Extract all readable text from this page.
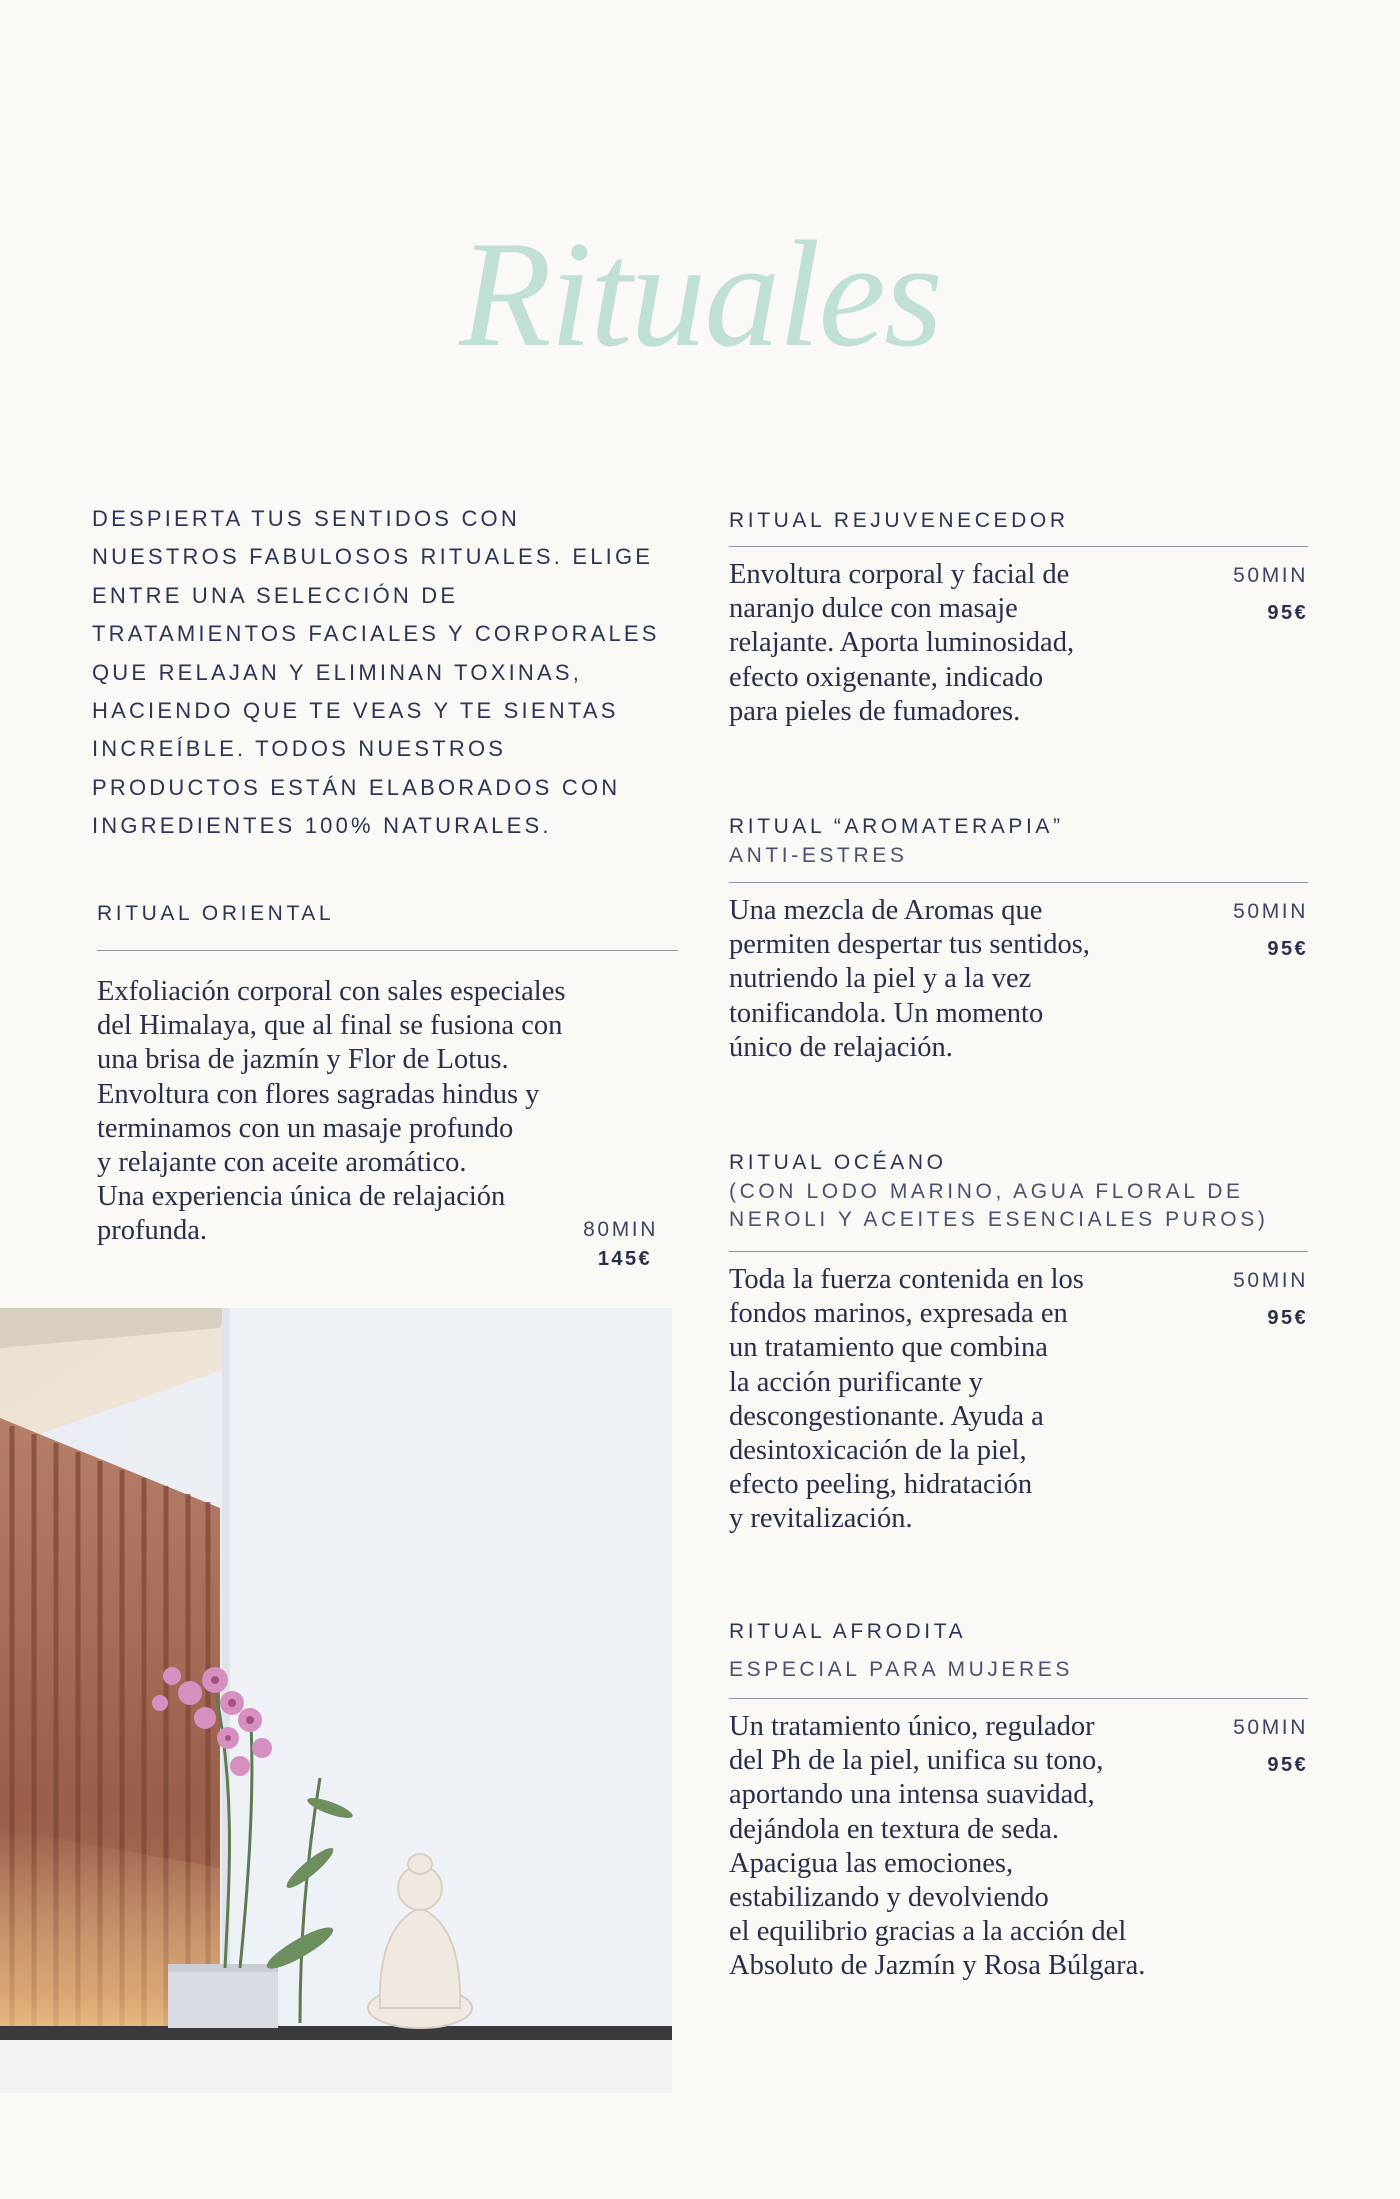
Rituales
DESPIERTA TUS SENTIDOS CON NUESTROS FABULOSOS RITUALES. ELIGE ENTRE UNA SELECCIÓN DE TRATAMIENTOS FACIALES Y CORPORALES QUE RELAJAN Y ELIMINAN TOXINAS, HACIENDO QUE TE VEAS Y TE SIENTAS INCREÍBLE. TODOS NUESTROS PRODUCTOS ESTÁN ELABORADOS CON INGREDIENTES 100% NATURALES.
RITUAL ORIENTAL
Exfoliación corporal con sales especiales
del Himalaya, que al final se fusiona con
una brisa de jazmín y Flor de Lotus.
Envoltura con flores sagradas hindus y
terminamos con un masaje profundo
y relajante con aceite aromático.
Una experiencia única de relajación
profunda.	80MIN
145€
RITUAL REJUVENECEDOR
Envoltura corporal y facial de
naranjo dulce con masaje
relajante. Aporta luminosidad,
efecto oxigenante, indicado
para pieles de fumadores.
50MIN
95€
RITUAL “AROMATERAPIA”
ANTI-ESTRES
Una mezcla de Aromas que
permiten despertar tus sentidos,
nutriendo la piel y a la vez
tonificandola. Un momento
único de relajación.
50MIN
95€
RITUAL OCÉANO
(CON LODO MARINO, AGUA FLORAL DE
NEROLI Y ACEITES ESENCIALES PUROS)
Toda la fuerza contenida en los
fondos marinos, expresada en
un tratamiento que combina
la acción purificante y
descongestionante. Ayuda a
desintoxicación de la piel,
efecto peeling, hidratación
y revitalización.
50MIN
95€
RITUAL AFRODITA
ESPECIAL PARA MUJERES
Un tratamiento único, regulador
del Ph de la piel, unifica su tono,
aportando una intensa suavidad,
dejándola en textura de seda.
Apacigua las emociones,
estabilizando y devolviendo
el equilibrio gracias a la acción del
Absoluto de Jazmín y Rosa Búlgara.
50MIN
95€
